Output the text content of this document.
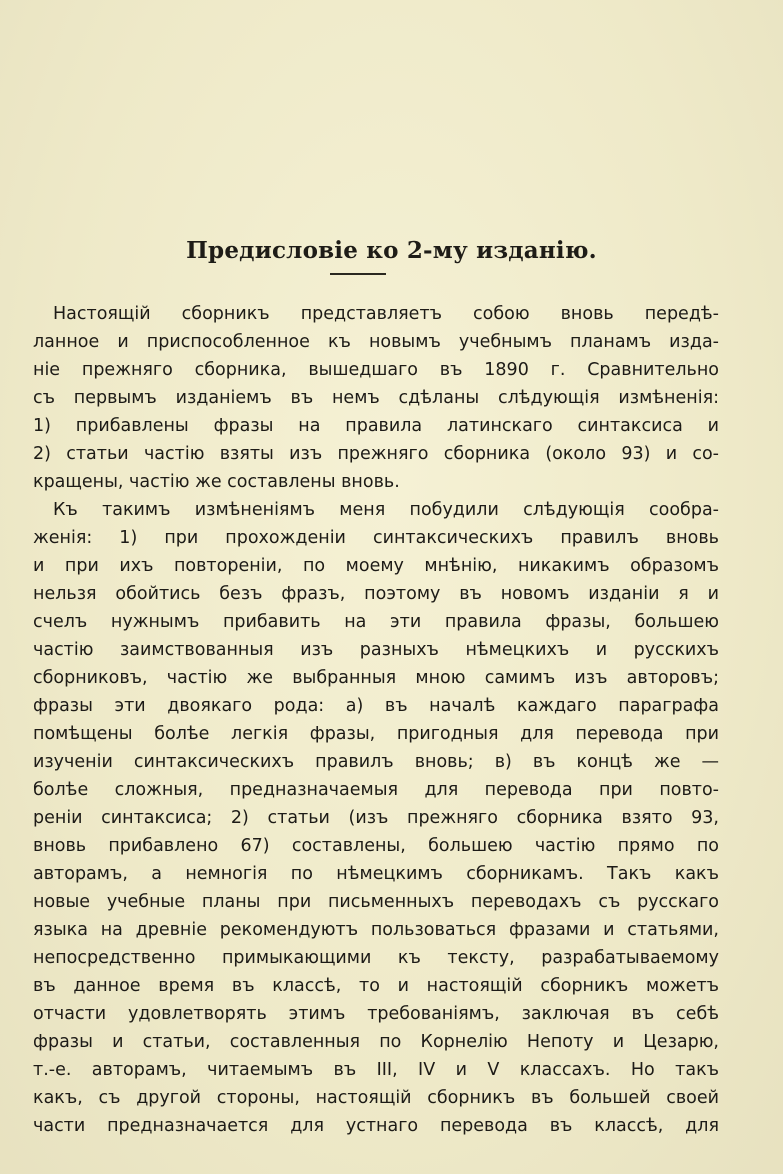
Предисловіе ко 2-му изданію.
Настоящій сборникъ представляетъ собою вновь передѣ-
ланное и приспособленное къ новымъ учебнымъ планамъ изда-
ніе прежняго сборника, вышедшаго въ 1890 г. Сравнительно
съ первымъ изданіемъ въ немъ сдѣланы слѣдующія измѣненія:
1) прибавлены фразы на правила латинскаго синтаксиса и
2) статьи частію взяты изъ прежняго сборника (около 93) и со-
кращены, частію же составлены вновь.
Къ такимъ измѣненіямъ меня побудили слѣдующія сообра-
женія: 1) при прохожденіи синтаксическихъ правилъ вновь
и при ихъ повтореніи, по моему мнѣнію, никакимъ образомъ
нельзя обойтись безъ фразъ, поэтому въ новомъ изданіи я и
счелъ нужнымъ прибавить на эти правила фразы, большею
частію заимствованныя изъ разныхъ нѣмецкихъ и русскихъ
сборниковъ, частію же выбранныя мною самимъ изъ авторовъ;
фразы эти двоякаго рода: а) въ началѣ каждаго параграфа
помѣщены болѣе легкія фразы, пригодныя для перевода при
изученіи синтаксическихъ правилъ вновь; в) въ концѣ же —
болѣе сложныя, предназначаемыя для перевода при повто-
реніи синтаксиса; 2) статьи (изъ прежняго сборника взято 93,
вновь прибавлено 67) составлены, большею частію прямо по
авторамъ, а немногія по нѣмецкимъ сборникамъ. Такъ какъ
новые учебные планы при письменныхъ переводахъ съ русскаго
языка на древніе рекомендуютъ пользоваться фразами и статьями,
непосредственно примыкающими къ тексту, разрабатываемому
въ данное время въ классѣ, то и настоящій сборникъ можетъ
отчасти удовлетворять этимъ требованіямъ, заключая въ себѣ
фразы и статьи, составленныя по Корнелію Непоту и Цезарю,
т.-е. авторамъ, читаемымъ въ III, IV и V классахъ. Но такъ
какъ, съ другой стороны, настоящій сборникъ въ большей своей
части предназначается для устнаго перевода въ классѣ, для
